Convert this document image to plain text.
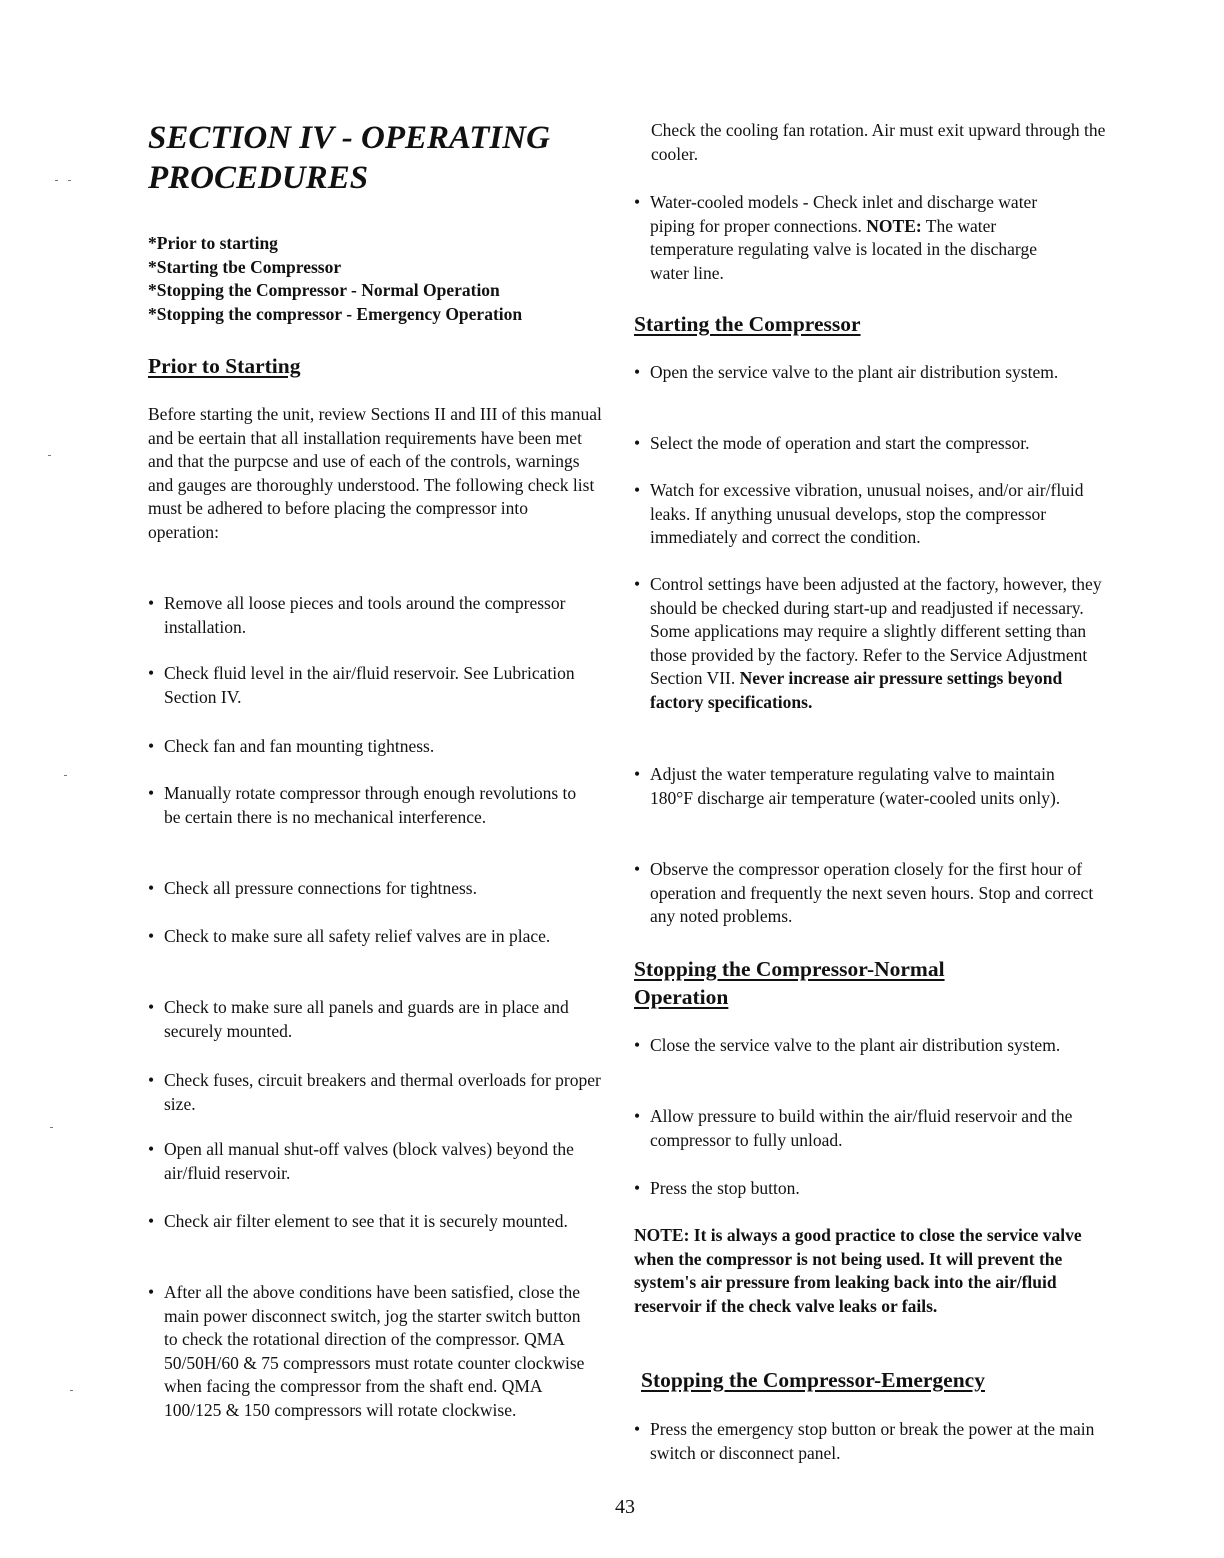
SECTION IV - OPERATING PROCEDURES
*Prior to starting
*Starting tbe Compressor
*Stopping the Compressor - Normal Operation
*Stopping the compressor - Emergency Operation
Prior to Starting

Before starting the unit, review Sections II and III of this manual and be eertain that all installation requirements have been met and that the purpcse and use of each of the controls, warnings and gauges are thoroughly understood. The following check list must be adhered to before placing the compressor into operation:

• Remove all loose pieces and tools around the compressor installation.
• Check fluid level in the air/fluid reservoir. See Lubrication Section IV.
• Check fan and fan mounting tightness.
• Manually rotate compressor through enough revolutions to be certain there is no mechanical interference.
• Check all pressure connections for tightness.
• Check to make sure all safety relief valves are in place.
• Check to make sure all panels and guards are in place and securely mounted.
• Check fuses, circuit breakers and thermal overloads for proper size.
• Open all manual shut-off valves (block valves) beyond the air/fluid reservoir.
• Check air filter element to see that it is securely mounted.
• After all the above conditions have been satisfied, close the main power disconnect switch, jog the starter switch button to check the rotational direction of the compressor. QMA 50/50H/60 & 75 compressors must rotate counter clockwise when facing the compressor from the shaft end. QMA 100/125 & 150 compressors will rotate clockwise.

Check the cooling fan rotation. Air must exit upward through the cooler.

• Water-cooled models - Check inlet and discharge water piping for proper connections. NOTE: The water temperature regulating valve is located in the discharge water line.
Starting the Compressor
• Open the service valve to the plant air distribution system.
• Select the mode of operation and start the compressor.
• Watch for excessive vibration, unusual noises, and/or air/fluid leaks. If anything unusual develops, stop the compressor immediately and correct the condition.
• Control settings have been adjusted at the factory, however, they should be checked during start-up and readjusted if necessary. Some applications may require a slightly different setting than those provided by the factory. Refer to the Service Adjustment Section VII. Never increase air pressure settings beyond factory specifications.
• Adjust the water temperature regulating valve to maintain 180°F discharge air temperature (water-cooled units only).
• Observe the compressor operation closely for the first hour of operation and frequently the next seven hours. Stop and correct any noted problems.
Stopping the Compressor-Normal
Operation
• Close the service valve to the plant air distribution system.
• Allow pressure to build within the air/fluid reservoir and the compressor to fully unload.
• Press the stop button.

NOTE: It is always a good practice to close the service valve when the compressor is not being used. It will prevent the system's air pressure from leaking back into the air/fluid reservoir if the check valve leaks or fails.

Stopping the Compressor-Emergency
• Press the emergency stop button or break the power at the main switch or disconnect panel.
43
